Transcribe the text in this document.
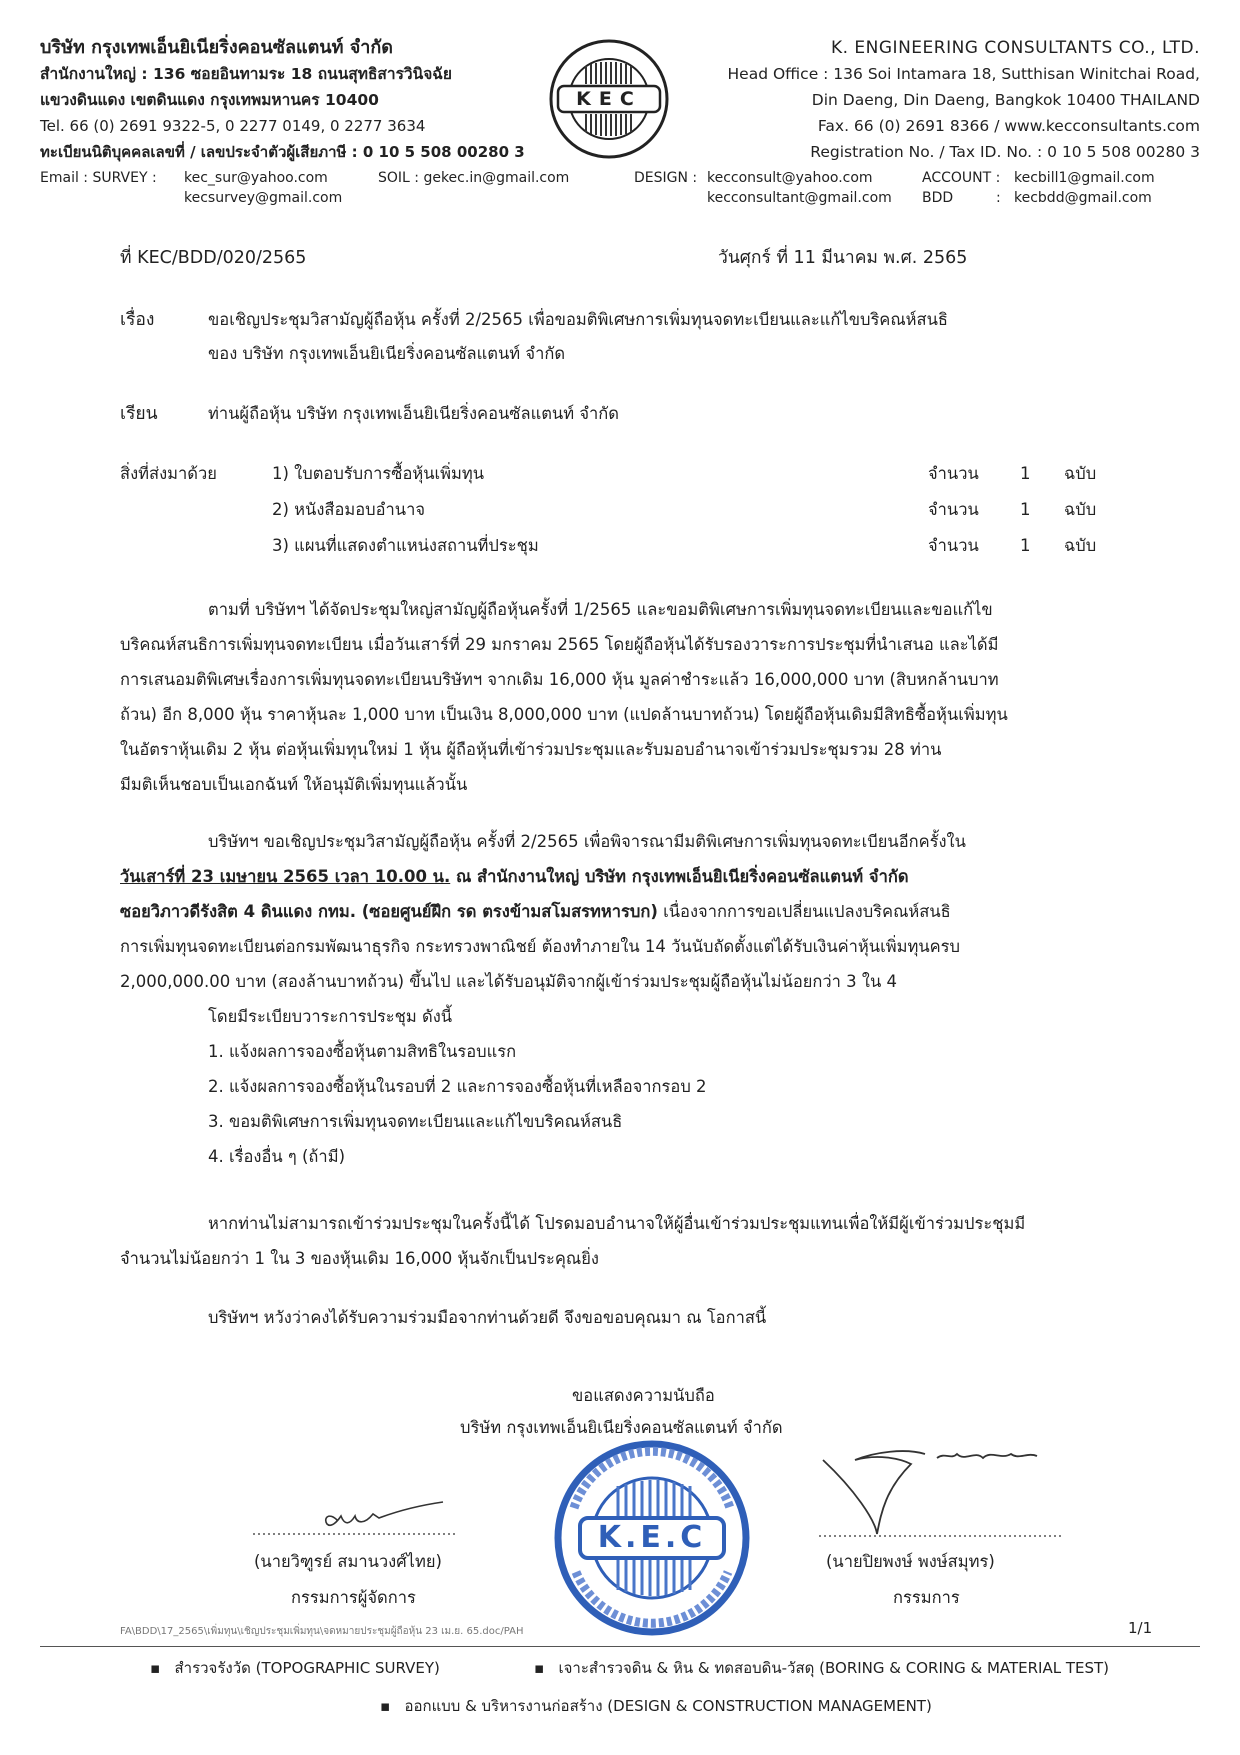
บริษัท กรุงเทพเอ็นยิเนียริ่งคอนซัลแตนท์ จำกัด
สำนักงานใหญ่ : 136 ซอยอินทามระ 18 ถนนสุทธิสารวินิจฉัย
แขวงดินแดง เขตดินแดง กรุงเทพมหานคร 10400
Tel. 66 (0) 2691 9322-5, 0 2277 0149, 0 2277 3634
ทะเบียนนิติบุคคลเลขที่ / เลขประจำตัวผู้เสียภาษี : 0 10 5 508 00280 3
KEC
K. ENGINEERING CONSULTANTS CO., LTD.
Head Office : 136 Soi Intamara 18, Sutthisan Winitchai Road,
Din Daeng, Din Daeng, Bangkok 10400 THAILAND
Fax. 66 (0) 2691 8366 / www.kecconsultants.com
Registration No. / Tax ID. No. : 0 10 5 508 00280 3
Email : SURVEY : kec_sur@yahoo.com
kecsurvey@gmail.com
SOIL : gekec.in@gmail.com	DESIGN : kecconsult@yahoo.com
kecconsultant@gmail.com
ACCOUNT : kecbill1@gmail.com
BDD	: kecbdd@gmail.com
ที่ KEC/BDD/020/2565	วันศุกร์ ที่ 11 มีนาคม พ.ศ. 2565
เรื่อง	ขอเชิญประชุมวิสามัญผู้ถือหุ้น ครั้งที่ 2/2565 เพื่อขอมติพิเศษการเพิ่มทุนจดทะเบียนและแก้ไขบริคณห์สนธิ
ของ บริษัท กรุงเทพเอ็นยิเนียริ่งคอนซัลแตนท์ จำกัด
เรียน	ท่านผู้ถือหุ้น บริษัท กรุงเทพเอ็นยิเนียริ่งคอนซัลแตนท์ จำกัด
สิ่งที่ส่งมาด้วย	1) ใบตอบรับการซื้อหุ้นเพิ่มทุน	จำนวน 1 ฉบับ
2) หนังสือมอบอำนาจ	จำนวน 1 ฉบับ
3) แผนที่แสดงตำแหน่งสถานที่ประชุม	จำนวน 1 ฉบับ

ตามที่ บริษัทฯ ได้จัดประชุมใหญ่สามัญผู้ถือหุ้นครั้งที่ 1/2565 และขอมติพิเศษการเพิ่มทุนจดทะเบียนและขอแก้ไข

บริคณห์สนธิการเพิ่มทุนจดทะเบียน เมื่อวันเสาร์ที่ 29 มกราคม 2565 โดยผู้ถือหุ้นได้รับรองวาระการประชุมที่นำเสนอ และได้มี

การเสนอมติพิเศษเรื่องการเพิ่มทุนจดทะเบียนบริษัทฯ จากเดิม 16,000 หุ้น มูลค่าชำระแล้ว 16,000,000 บาท (สิบหกล้านบาท

ถ้วน) อีก 8,000 หุ้น ราคาหุ้นละ 1,000 บาท เป็นเงิน 8,000,000 บาท (แปดล้านบาทถ้วน) โดยผู้ถือหุ้นเดิมมีสิทธิซื้อหุ้นเพิ่มทุน

ในอัตราหุ้นเดิม 2 หุ้น ต่อหุ้นเพิ่มทุนใหม่ 1 หุ้น ผู้ถือหุ้นที่เข้าร่วมประชุมและรับมอบอำนาจเข้าร่วมประชุมรวม 28 ท่าน

มีมติเห็นชอบเป็นเอกฉันท์ ให้อนุมัติเพิ่มทุนแล้วนั้น

บริษัทฯ ขอเชิญประชุมวิสามัญผู้ถือหุ้น ครั้งที่ 2/2565 เพื่อพิจารณามีมติพิเศษการเพิ่มทุนจดทะเบียนอีกครั้งใน

วันเสาร์ที่ 23 เมษายน 2565 เวลา 10.00 น. ณ สำนักงานใหญ่ บริษัท กรุงเทพเอ็นยิเนียริ่งคอนซัลแตนท์ จำกัด

ซอยวิภาวดีรังสิต 4 ดินแดง กทม. (ซอยศูนย์ฝึก รด ตรงข้ามสโมสรทหารบก) เนื่องจากการขอเปลี่ยนแปลงบริคณห์สนธิ

การเพิ่มทุนจดทะเบียนต่อกรมพัฒนาธุรกิจ กระทรวงพาณิชย์ ต้องทำภายใน 14 วันนับถัดตั้งแต่ได้รับเงินค่าหุ้นเพิ่มทุนครบ

2,000,000.00 บาท (สองล้านบาทถ้วน) ขึ้นไป และได้รับอนุมัติจากผู้เข้าร่วมประชุมผู้ถือหุ้นไม่น้อยกว่า 3 ใน 4

โดยมีระเบียบวาระการประชุม ดังนี้

1. แจ้งผลการจองซื้อหุ้นตามสิทธิในรอบแรก

2. แจ้งผลการจองซื้อหุ้นในรอบที่ 2 และการจองซื้อหุ้นที่เหลือจากรอบ 2

3. ขอมติพิเศษการเพิ่มทุนจดทะเบียนและแก้ไขบริคณห์สนธิ

4. เรื่องอื่น ๆ (ถ้ามี)

หากท่านไม่สามารถเข้าร่วมประชุมในครั้งนี้ได้ โปรดมอบอำนาจให้ผู้อื่นเข้าร่วมประชุมแทนเพื่อให้มีผู้เข้าร่วมประชุมมี

จำนวนไม่น้อยกว่า 1 ใน 3 ของหุ้นเดิม 16,000 หุ้นจักเป็นประคุณยิ่ง

บริษัทฯ หวังว่าคงได้รับความร่วมมือจากท่านด้วยดี จึงขอขอบคุณมา ณ โอกาสนี้

ขอแสดงความนับถือ
บริษัท กรุงเทพเอ็นยิเนียริ่งคอนซัลแตนท์ จำกัด
(นายวิฑูรย์ สมานวงศ์ไทย)
กรรมการผู้จัดการ
K.E.C
(นายปิยพงษ์ พงษ์สมุทร)
กรรมการ
FA\BDD\17_2565\เพิ่มทุน\เชิญประชุมเพิ่มทุน\จดหมายประชุมผู้ถือหุ้น 23 เม.ย. 65.doc/PAH	1/1
▪ สำรวจรังวัด (TOPOGRAPHIC SURVEY)	▪ เจาะสำรวจดิน & หิน & ทดสอบดิน-วัสดุ (BORING & CORING & MATERIAL TEST)
▪ ออกแบบ & บริหารงานก่อสร้าง (DESIGN & CONSTRUCTION MANAGEMENT)
